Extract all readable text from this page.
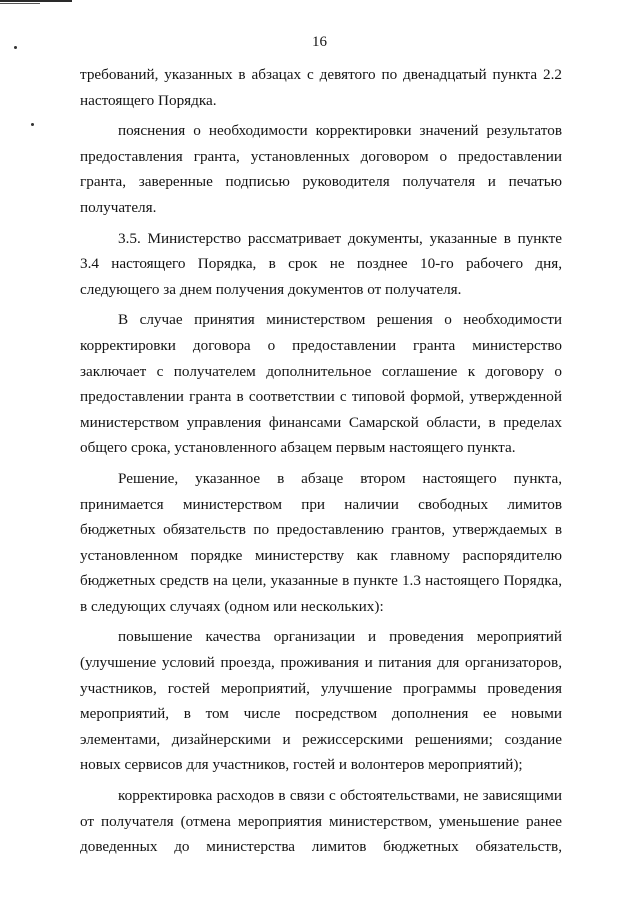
16

требований, указанных в абзацах с девятого по двенадцатый пункта 2.2 настоящего Порядка.

пояснения о необходимости корректировки значений результатов предоставления гранта, установленных договором о предоставлении гранта, заверенные подписью руководителя получателя и печатью получателя.

3.5. Министерство рассматривает документы, указанные в пункте 3.4 настоящего Порядка, в срок не позднее 10-го рабочего дня, следующего за днем получения документов от получателя.

В случае принятия министерством решения о необходимости корректировки договора о предоставлении гранта министерство заключает с получателем дополнительное соглашение к договору о предоставлении гранта в соответствии с типовой формой, утвержденной министерством управления финансами Самарской области, в пределах общего срока, установленного абзацем первым настоящего пункта.

Решение, указанное в абзаце втором настоящего пункта, принимается министерством при наличии свободных лимитов бюджетных обязательств по предоставлению грантов, утверждаемых в установленном порядке министерству как главному распорядителю бюджетных средств на цели, указанные в пункте 1.3 настоящего Порядка, в следующих случаях (одном или нескольких):

повышение качества организации и проведения мероприятий (улучшение условий проезда, проживания и питания для организаторов, участников, гостей мероприятий, улучшение программы проведения мероприятий, в том числе посредством дополнения ее новыми элементами, дизайнерскими и режиссерскими решениями; создание новых сервисов для участников, гостей и волонтеров мероприятий);

корректировка расходов в связи с обстоятельствами, не зависящими от получателя (отмена мероприятия министерством, уменьшение ранее доведенных до министерства лимитов бюджетных обязательств,
